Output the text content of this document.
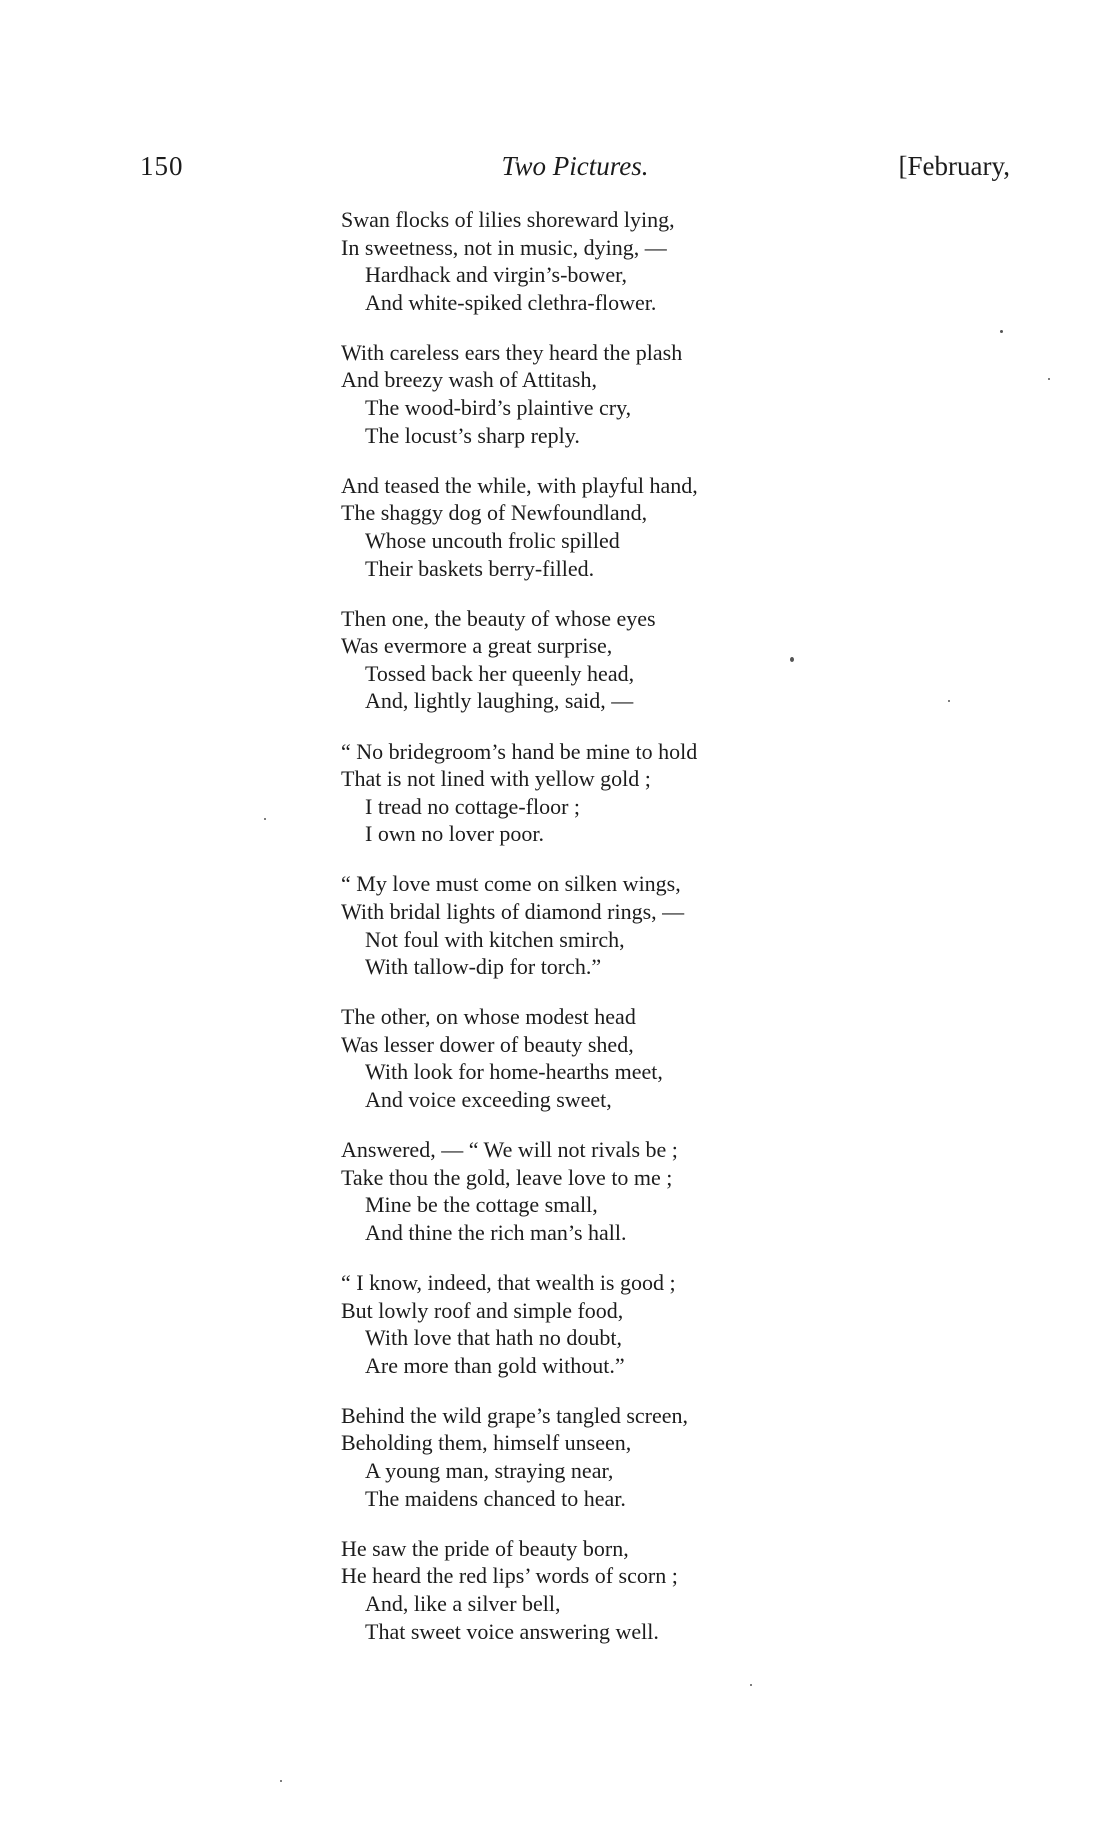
150	Two Pictures.	[February,
Swan flocks of lilies shoreward lying,
In sweetness, not in music, dying, —
Hardhack and virgin’s-bower,
And white-spiked clethra-flower.
With careless ears they heard the plash
And breezy wash of Attitash,
The wood-bird’s plaintive cry,
The locust’s sharp reply.
And teased the while, with playful hand,
The shaggy dog of Newfoundland,
Whose uncouth frolic spilled
Their baskets berry-filled.
Then one, the beauty of whose eyes
Was evermore a great surprise,
Tossed back her queenly head,
And, lightly laughing, said, —
“ No bridegroom’s hand be mine to hold
That is not lined with yellow gold ;
I tread no cottage-floor ;
I own no lover poor.
“ My love must come on silken wings,
With bridal lights of diamond rings, —
Not foul with kitchen smirch,
With tallow-dip for torch.”
The other, on whose modest head
Was lesser dower of beauty shed,
With look for home-hearths meet,
And voice exceeding sweet,
Answered, — “ We will not rivals be ;
Take thou the gold, leave love to me ;
Mine be the cottage small,
And thine the rich man’s hall.
“ I know, indeed, that wealth is good ;
But lowly roof and simple food,
With love that hath no doubt,
Are more than gold without.”
Behind the wild grape’s tangled screen,
Beholding them, himself unseen,
A young man, straying near,
The maidens chanced to hear.
He saw the pride of beauty born,
He heard the red lips’ words of scorn ;
And, like a silver bell,
That sweet voice answering well.
